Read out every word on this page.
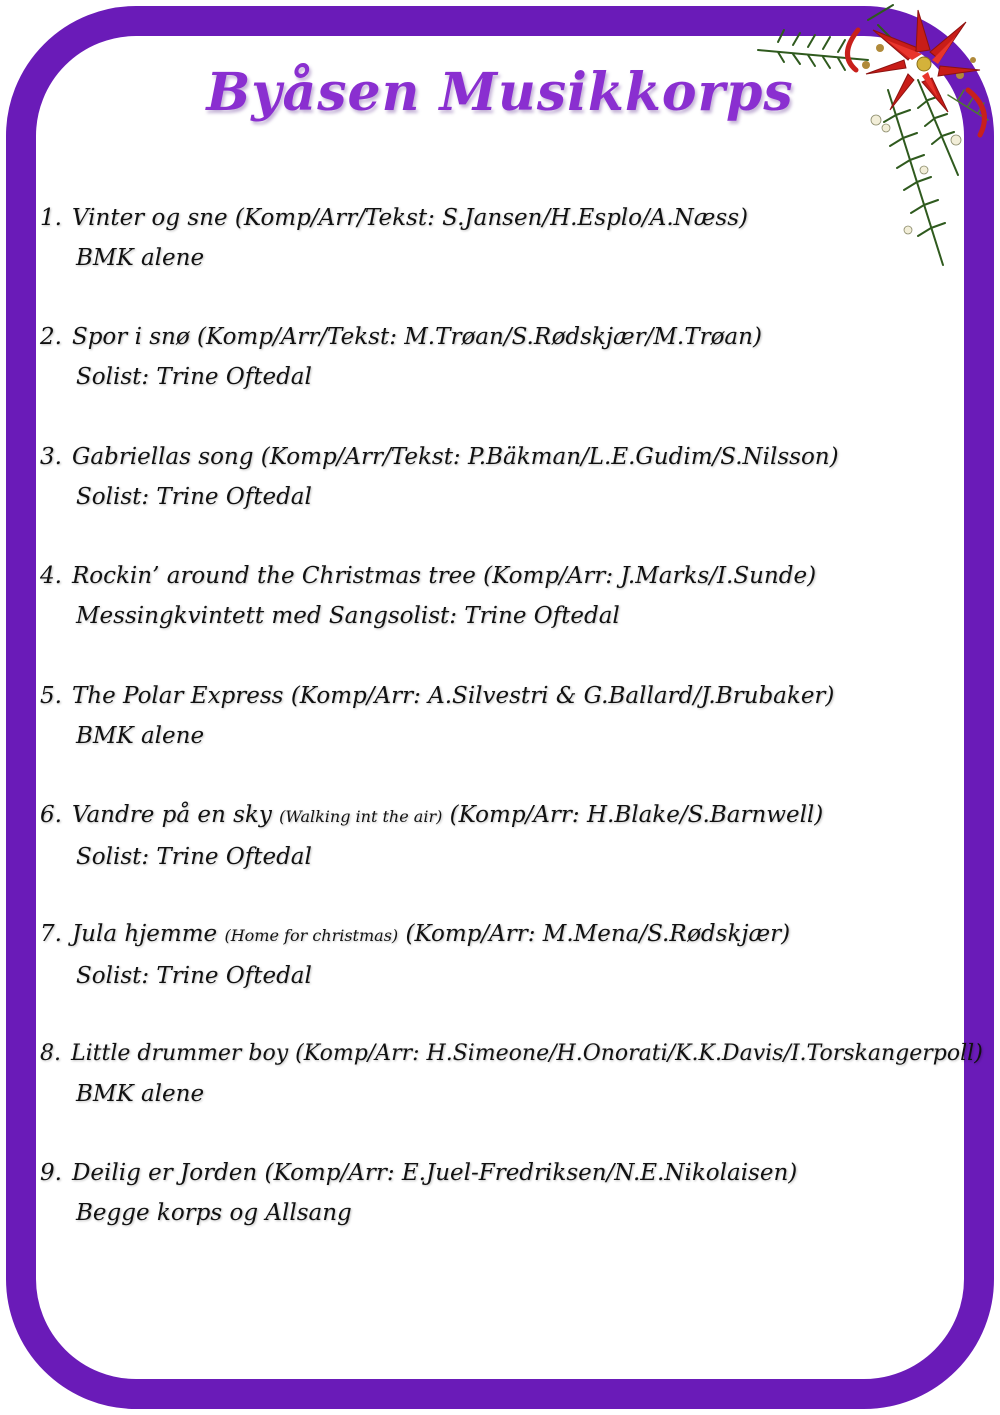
Byåsen Musikkorps
1. Vinter og sne (Komp/Arr/Tekst: S.Jansen/H.Esplo/A.Næss)
BMK alene
2. Spor i snø (Komp/Arr/Tekst: M.Trøan/S.Rødskjær/M.Trøan)
Solist: Trine Oftedal
3. Gabriellas song (Komp/Arr/Tekst: P.Bäkman/L.E.Gudim/S.Nilsson)
Solist: Trine Oftedal
4. Rockin’ around the Christmas tree (Komp/Arr: J.Marks/I.Sunde)
Messingkvintett med Sangsolist: Trine Oftedal
5. The Polar Express (Komp/Arr: A.Silvestri & G.Ballard/J.Brubaker)
BMK alene
6. Vandre på en sky (Walking int the air) (Komp/Arr: H.Blake/S.Barnwell)
Solist: Trine Oftedal
7. Jula hjemme (Home for christmas) (Komp/Arr: M.Mena/S.Rødskjær)
Solist: Trine Oftedal
8. Little drummer boy (Komp/Arr: H.Simeone/H.Onorati/K.K.Davis/I.Torskangerpoll)
BMK alene
9. Deilig er Jorden (Komp/Arr: E.Juel-Fredriksen/N.E.Nikolaisen)
Begge korps og Allsang
